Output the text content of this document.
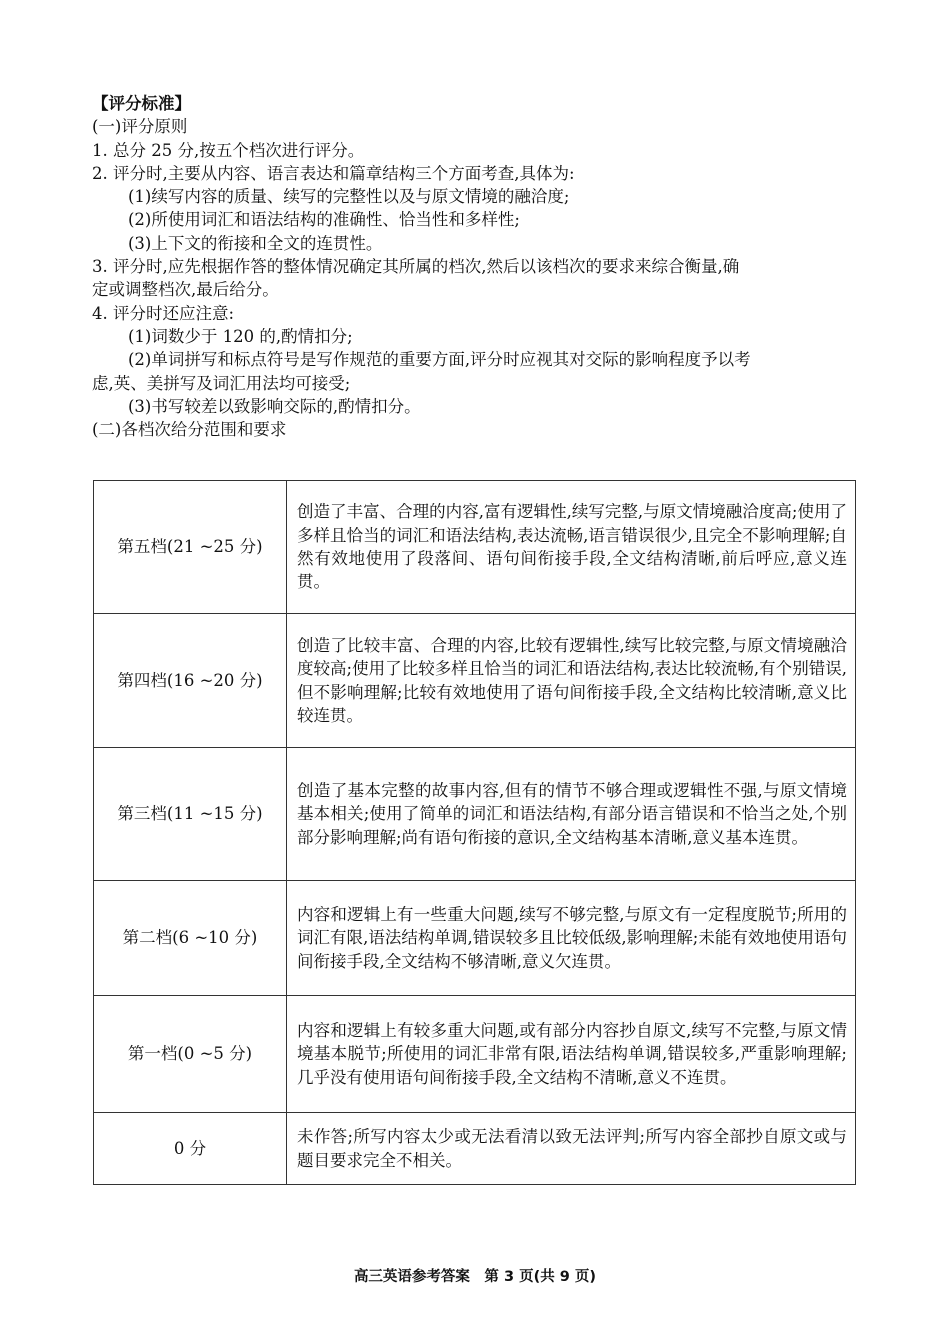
【评分标准】

(一)评分原则

1. 总分 25 分,按五个档次进行评分。

2. 评分时,主要从内容、语言表达和篇章结构三个方面考查,具体为:

(1)续写内容的质量、续写的完整性以及与原文情境的融洽度;

(2)所使用词汇和语法结构的准确性、恰当性和多样性;

(3)上下文的衔接和全文的连贯性。

3. 评分时,应先根据作答的整体情况确定其所属的档次,然后以该档次的要求来综合衡量,确

定或调整档次,最后给分。

4. 评分时还应注意:

(1)词数少于 120 的,酌情扣分;

(2)单词拼写和标点符号是写作规范的重要方面,评分时应视其对交际的影响程度予以考

虑,英、美拼写及词汇用法均可接受;

(3)书写较差以致影响交际的,酌情扣分。

(二)各档次给分范围和要求

第五档(21 ~25 分)	创造了丰富、合理的内容,富有逻辑性,续写完整,与原文情境融洽度高;使用了多样且恰当的词汇和语法结构,表达流畅,语言错误很少,且完全不影响理解;自然有效地使用了段落间、语句间衔接手段,全文结构清晰,前后呼应,意义连贯。
第四档(16 ~20 分)	创造了比较丰富、合理的内容,比较有逻辑性,续写比较完整,与原文情境融洽度较高;使用了比较多样且恰当的词汇和语法结构,表达比较流畅,有个别错误,但不影响理解;比较有效地使用了语句间衔接手段,全文结构比较清晰,意义比较连贯。
第三档(11 ~15 分)	创造了基本完整的故事内容,但有的情节不够合理或逻辑性不强,与原文情境基本相关;使用了简单的词汇和语法结构,有部分语言错误和不恰当之处,个别部分影响理解;尚有语句衔接的意识,全文结构基本清晰,意义基本连贯。
第二档(6 ~10 分)	内容和逻辑上有一些重大问题,续写不够完整,与原文有一定程度脱节;所用的词汇有限,语法结构单调,错误较多且比较低级,影响理解;未能有效地使用语句间衔接手段,全文结构不够清晰,意义欠连贯。
第一档(0 ~5 分)	内容和逻辑上有较多重大问题,或有部分内容抄自原文,续写不完整,与原文情境基本脱节;所使用的词汇非常有限,语法结构单调,错误较多,严重影响理解;几乎没有使用语句间衔接手段,全文结构不清晰,意义不连贯。
0 分	未作答;所写内容太少或无法看清以致无法评判;所写内容全部抄自原文或与题目要求完全不相关。
高三英语参考答案　第 3 页(共 9 页)
